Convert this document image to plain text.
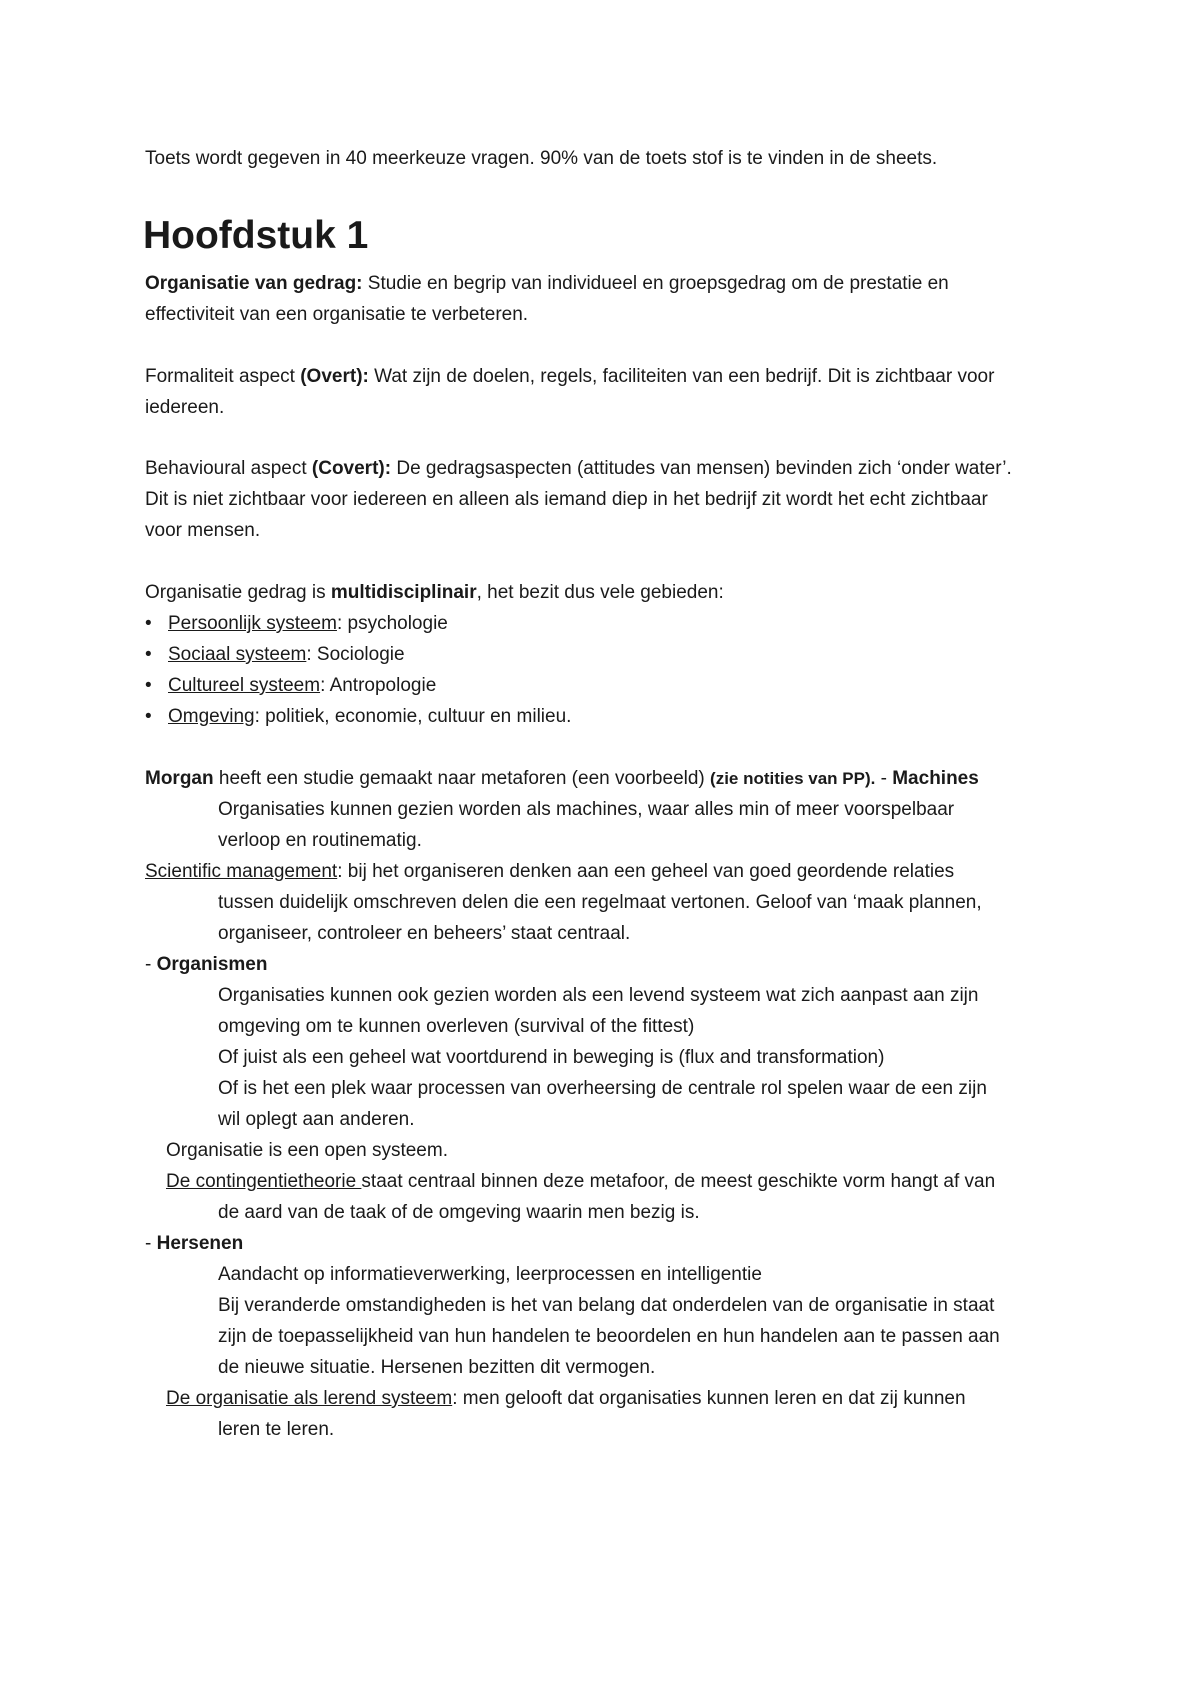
Toets wordt gegeven in 40 meerkeuze vragen. 90% van de toets stof is te vinden in de sheets.
Hoofdstuk 1
Organisatie van gedrag: Studie en begrip van individueel en groepsgedrag om de prestatie en
effectiviteit van een organisatie te verbeteren.
Formaliteit aspect (Overt): Wat zijn de doelen, regels, faciliteiten van een bedrijf. Dit is zichtbaar voor
iedereen.
Behavioural aspect (Covert): De gedragsaspecten (attitudes van mensen) bevinden zich ‘onder water’.
Dit is niet zichtbaar voor iedereen en alleen als iemand diep in het bedrijf zit wordt het echt zichtbaar
voor mensen.
Organisatie gedrag is multidisciplinair, het bezit dus vele gebieden:
• Persoonlijk systeem: psychologie
• Sociaal systeem: Sociologie
• Cultureel systeem: Antropologie
• Omgeving: politiek, economie, cultuur en milieu.
Morgan heeft een studie gemaakt naar metaforen (een voorbeeld) (zie notities van PP). - Machines
Organisaties kunnen gezien worden als machines, waar alles min of meer voorspelbaar
verloop en routinematig.
Scientific management: bij het organiseren denken aan een geheel van goed geordende relaties
tussen duidelijk omschreven delen die een regelmaat vertonen. Geloof van ‘maak plannen,
organiseer, controleer en beheers’ staat centraal.
- Organismen
Organisaties kunnen ook gezien worden als een levend systeem wat zich aanpast aan zijn
omgeving om te kunnen overleven (survival of the fittest)
Of juist als een geheel wat voortdurend in beweging is (flux and transformation)
Of is het een plek waar processen van overheersing de centrale rol spelen waar de een zijn
wil oplegt aan anderen.
Organisatie is een open systeem.
De contingentietheorie staat centraal binnen deze metafoor, de meest geschikte vorm hangt af van
de aard van de taak of de omgeving waarin men bezig is.
- Hersenen
Aandacht op informatieverwerking, leerprocessen en intelligentie
Bij veranderde omstandigheden is het van belang dat onderdelen van de organisatie in staat
zijn de toepasselijkheid van hun handelen te beoordelen en hun handelen aan te passen aan
de nieuwe situatie. Hersenen bezitten dit vermogen.
De organisatie als lerend systeem: men gelooft dat organisaties kunnen leren en dat zij kunnen
leren te leren.
